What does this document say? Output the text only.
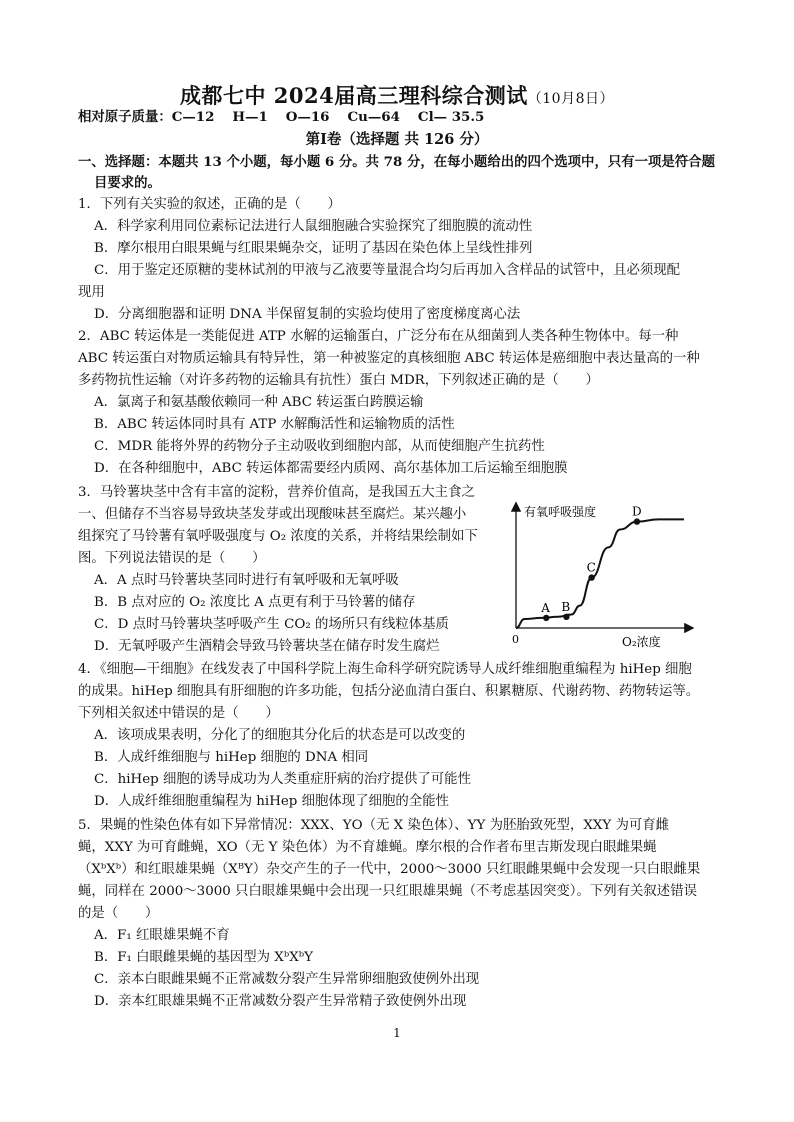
成都七中 2024届高三理科综合测试（10月8日）
相对原子质量：C—12 H—1 O—16 Cu—64 Cl— 35.5
第Ⅰ卷（选择题 共 126 分）
一、选择题：本题共 13 个小题，每小题 6 分。共 78 分，在每小题给出的四个选项中，只有一项是符合题
目要求的。
1．下列有关实验的叙述，正确的是（　　）
A．科学家利用同位素标记法进行人鼠细胞融合实验探究了细胞膜的流动性
B．摩尔根用白眼果蝇与红眼果蝇杂交，证明了基因在染色体上呈线性排列
C．用于鉴定还原糖的斐林试剂的甲液与乙液要等量混合均匀后再加入含样品的试管中，且必须现配
现用
D．分离细胞器和证明 DNA 半保留复制的实验均使用了密度梯度离心法
2．ABC 转运体是一类能促进 ATP 水解的运输蛋白，广泛分布在从细菌到人类各种生物体中。每一种
ABC 转运蛋白对物质运输具有特异性，第一种被鉴定的真核细胞 ABC 转运体是癌细胞中表达量高的一种
多药物抗性运输（对许多药物的运输具有抗性）蛋白 MDR，下列叙述正确的是（　　）
A．氯离子和氨基酸依赖同一种 ABC 转运蛋白跨膜运输
B．ABC 转运体同时具有 ATP 水解酶活性和运输物质的活性
C．MDR 能将外界的药物分子主动吸收到细胞内部，从而使细胞产生抗药性
D．在各种细胞中，ABC 转运体都需要经内质网、高尔基体加工后运输至细胞膜
3．马铃薯块茎中含有丰富的淀粉，营养价值高，是我国五大主食之
一、但储存不当容易导致块茎发芽或出现酸味甚至腐烂。某兴趣小
组探究了马铃薯有氧呼吸强度与 O₂ 浓度的关系，并将结果绘制如下
图。下列说法错误的是（　　）
A．A 点时马铃薯块茎同时进行有氧呼吸和无氧呼吸
B．B 点对应的 O₂ 浓度比 A 点更有利于马铃薯的储存
C．D 点时马铃薯块茎呼吸产生 CO₂ 的场所只有线粒体基质
D．无氧呼吸产生酒精会导致马铃薯块茎在储存时发生腐烂
有氧呼吸强度
O₂浓度
0
A B
C
D
4．《细胞—干细胞》在线发表了中国科学院上海生命科学研究院诱导人成纤维细胞重编程为 hiHep 细胞
的成果。hiHep 细胞具有肝细胞的许多功能，包括分泌血清白蛋白、积累糖原、代谢药物、药物转运等。
下列相关叙述中错误的是（　　）
A．该项成果表明，分化了的细胞其分化后的状态是可以改变的
B．人成纤维细胞与 hiHep 细胞的 DNA 相同
C．hiHep 细胞的诱导成功为人类重症肝病的治疗提供了可能性
D．人成纤维细胞重编程为 hiHep 细胞体现了细胞的全能性
5．果蝇的性染色体有如下异常情况：XXX、YO（无 X 染色体）、YY 为胚胎致死型，XXY 为可育雌
蝇，XXY 为可育雌蝇，XO（无 Y 染色体）为不育雄蝇。摩尔根的合作者布里吉斯发现白眼雌果蝇
（XᵇXᵇ）和红眼雄果蝇（XᴮY）杂交产生的子一代中，2000～3000 只红眼雌果蝇中会发现一只白眼雌果
蝇，同样在 2000～3000 只白眼雄果蝇中会出现一只红眼雄果蝇（不考虑基因突变）。下列有关叙述错误
的是（　　）
A．F₁ 红眼雄果蝇不育
B．F₁ 白眼雌果蝇的基因型为 XᵇXᵇY
C．亲本白眼雌果蝇不正常减数分裂产生异常卵细胞致使例外出现
D．亲本红眼雄果蝇不正常减数分裂产生异常精子致使例外出现
1
